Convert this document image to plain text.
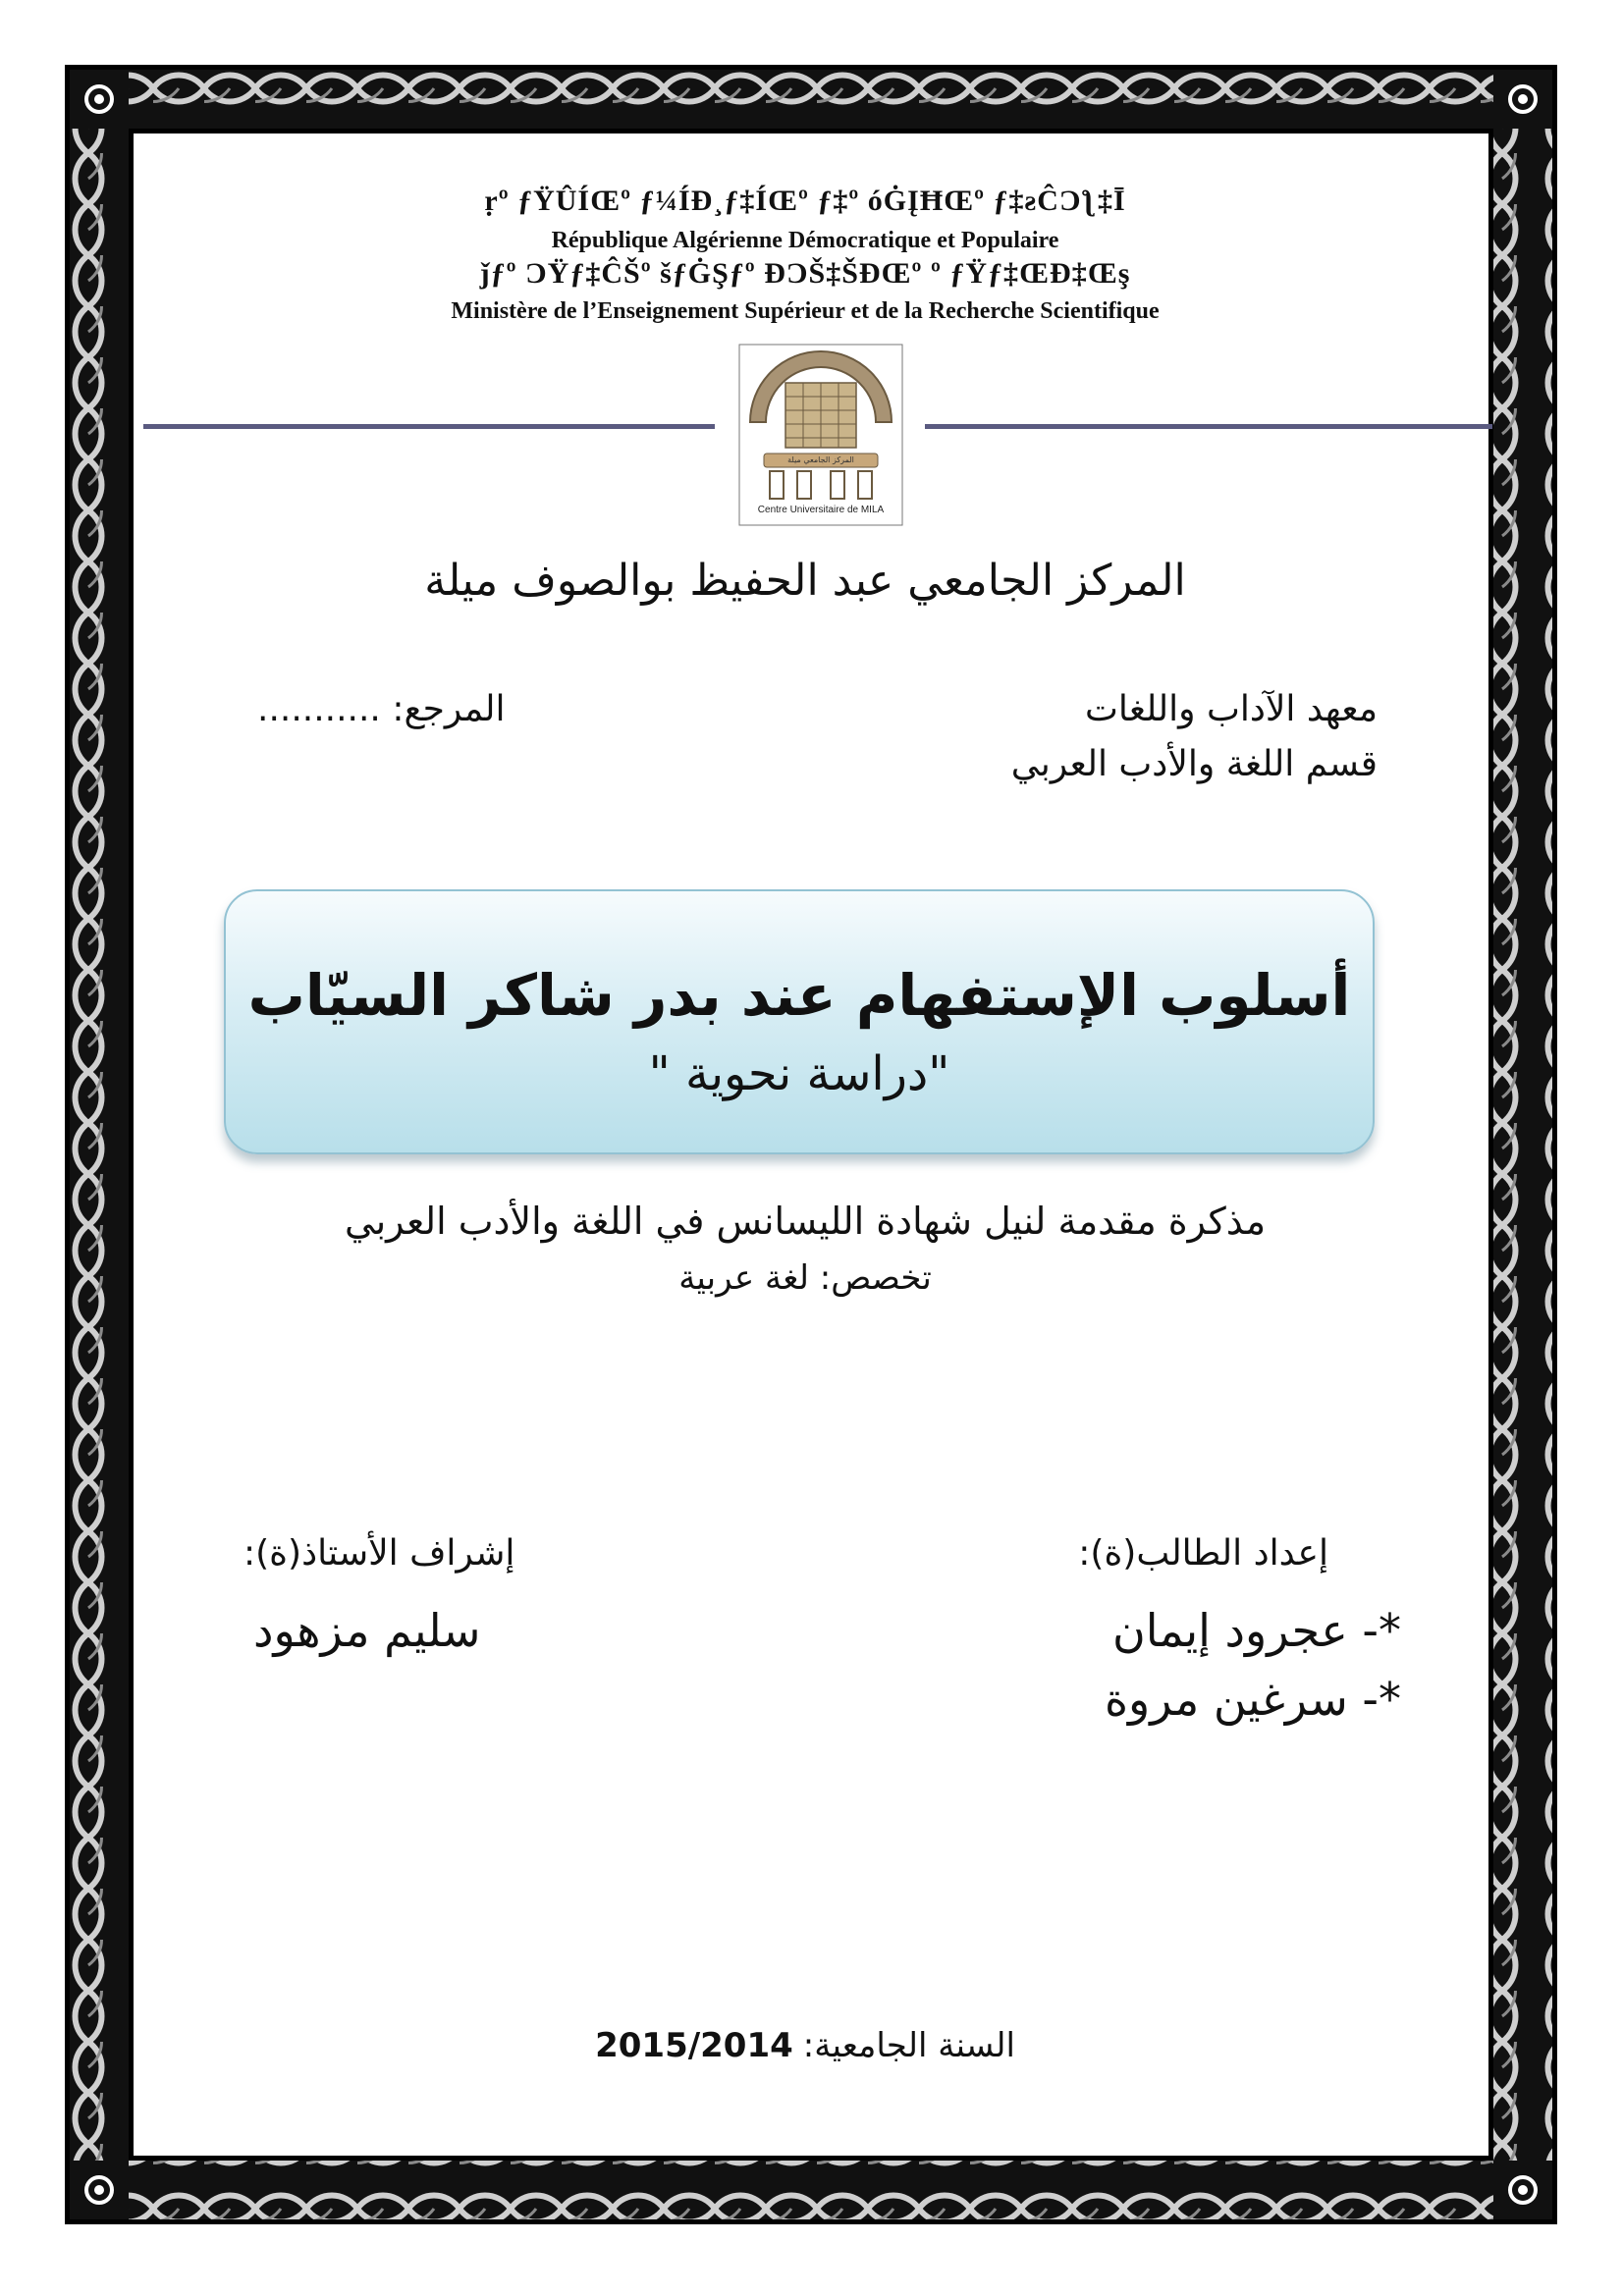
ṛº ƒŸÛÍŒº ƒ¼ÍĐ¸ƒ‡ÍŒº ƒ‡º óĠĮĦŒº ƒ‡ƨĈƆƪ‡Ī
République Algérienne Démocratique et Populaire
ǰƒº ƆŸƒ‡ĈŠº šƒĠŞƒº ÐƆŠ‡ŠÐŒº º ƒŸƒ‡ŒÐ‡Œş
Ministère de l’Enseignement Supérieur et de la Recherche Scientifique
المركز الجامعي ميلة
Centre Universitaire de MILA
المركز الجامعي عبد الحفيظ بوالصوف ميلة
معهد الآداب واللغات
قسم اللغة والأدب العربي
المرجع: ...........
أسلوب الإستفهام عند بدر شاكر السيّاب
"دراسة نحوية "
مذكرة مقدمة لنيل شهادة الليسانس في اللغة والأدب العربي
تخصص: لغة عربية
إعداد الطالب(ة):
*- عجرود إيمان
*- سرغين مروة
إشراف الأستاذ(ة):
سليم مزهود
2015/2014 السنة الجامعية:
